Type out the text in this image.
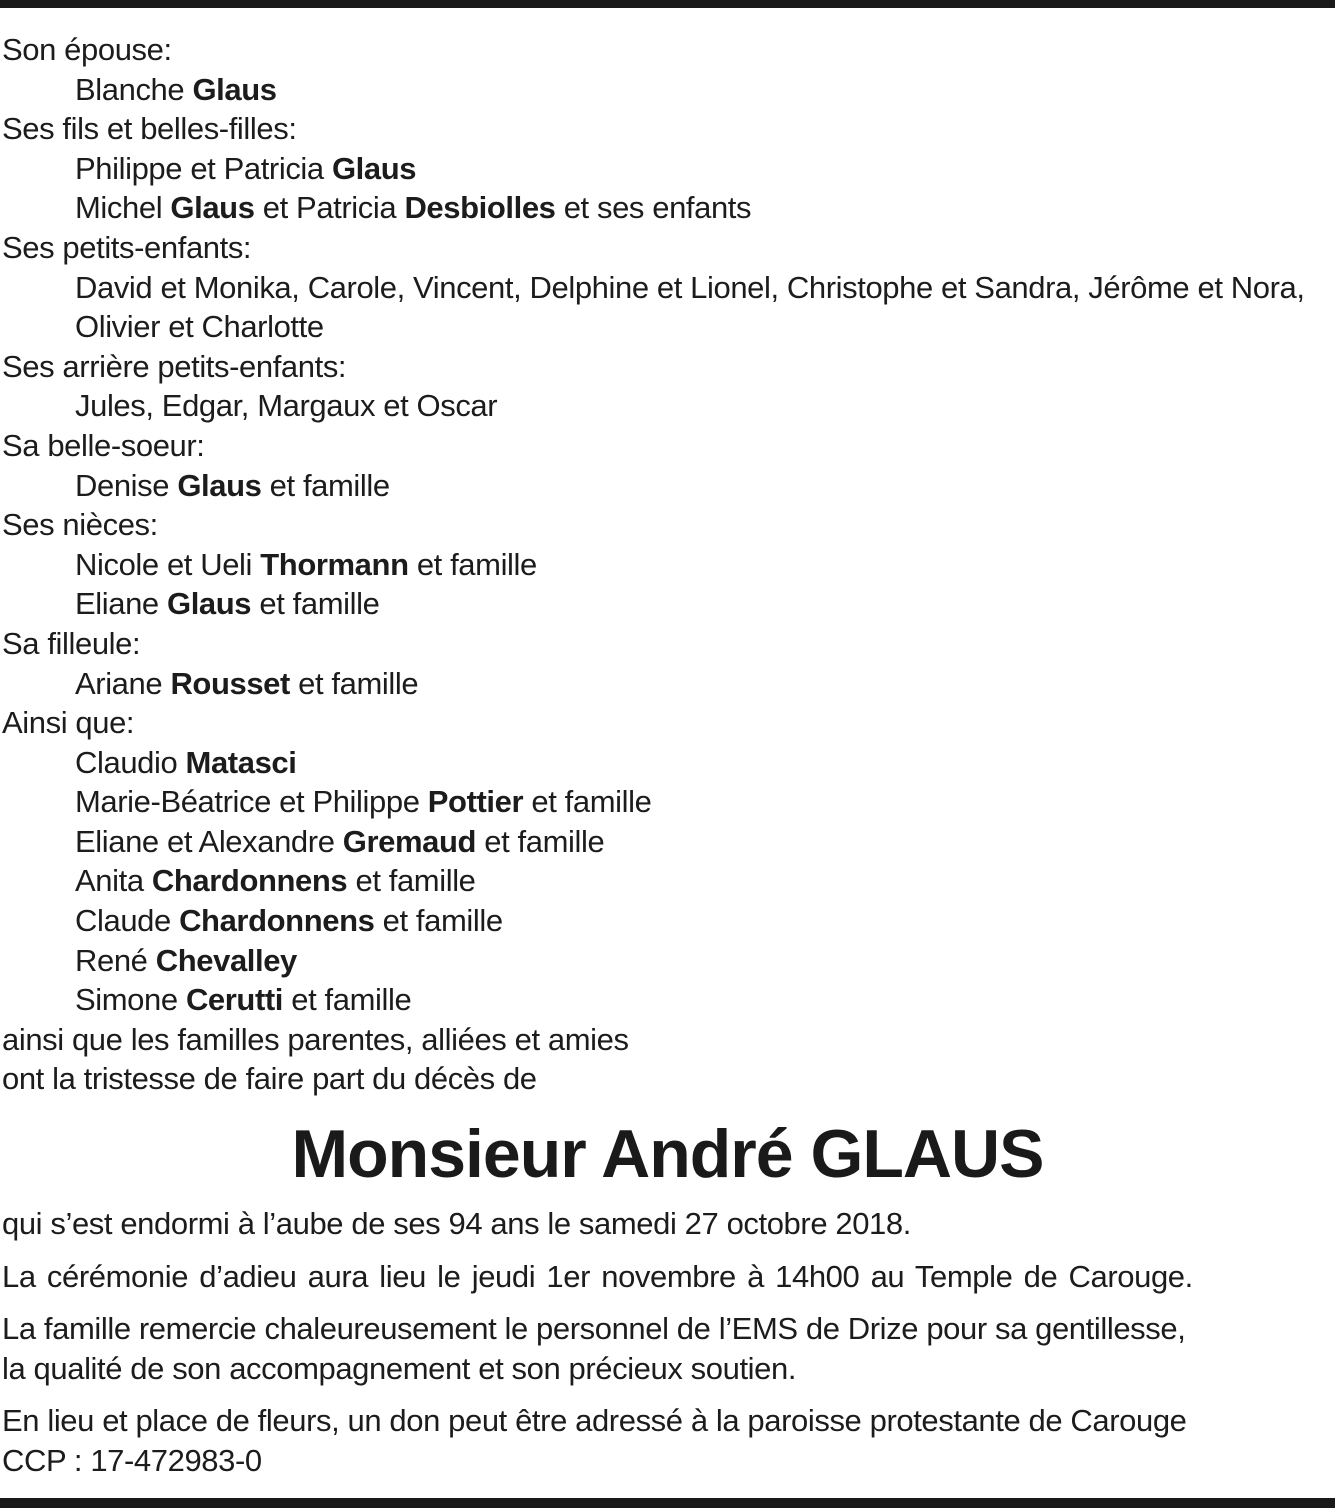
Son épouse:
Blanche Glaus
Ses fils et belles-filles:
Philippe et Patricia Glaus
Michel Glaus et Patricia Desbiolles et ses enfants
Ses petits-enfants:
David et Monika, Carole, Vincent, Delphine et Lionel, Christophe et Sandra, Jérôme et Nora, Olivier et Charlotte
Ses arrière petits-enfants:
Jules, Edgar, Margaux et Oscar
Sa belle-soeur:
Denise Glaus et famille
Ses nièces:
Nicole et Ueli Thormann et famille
Eliane Glaus et famille
Sa filleule:
Ariane Rousset et famille
Ainsi que:
Claudio Matasci
Marie-Béatrice et Philippe Pottier et famille
Eliane et Alexandre Gremaud et famille
Anita Chardonnens et famille
Claude Chardonnens et famille
René Chevalley
Simone Cerutti et famille
ainsi que les familles parentes, alliées et amies
ont la tristesse de faire part du décès de
Monsieur André GLAUS

qui s’est endormi à l’aube de ses 94 ans le samedi 27 octobre 2018.

La cérémonie d’adieu aura lieu le jeudi 1er novembre à 14h00 au Temple de Carouge.

La famille remercie chaleureusement le personnel de l’EMS de Drize pour sa gentillesse,
la qualité de son accompagnement et son précieux soutien.

En lieu et place de fleurs, un don peut être adressé à la paroisse protestante de Carouge
CCP : 17-472983-0
